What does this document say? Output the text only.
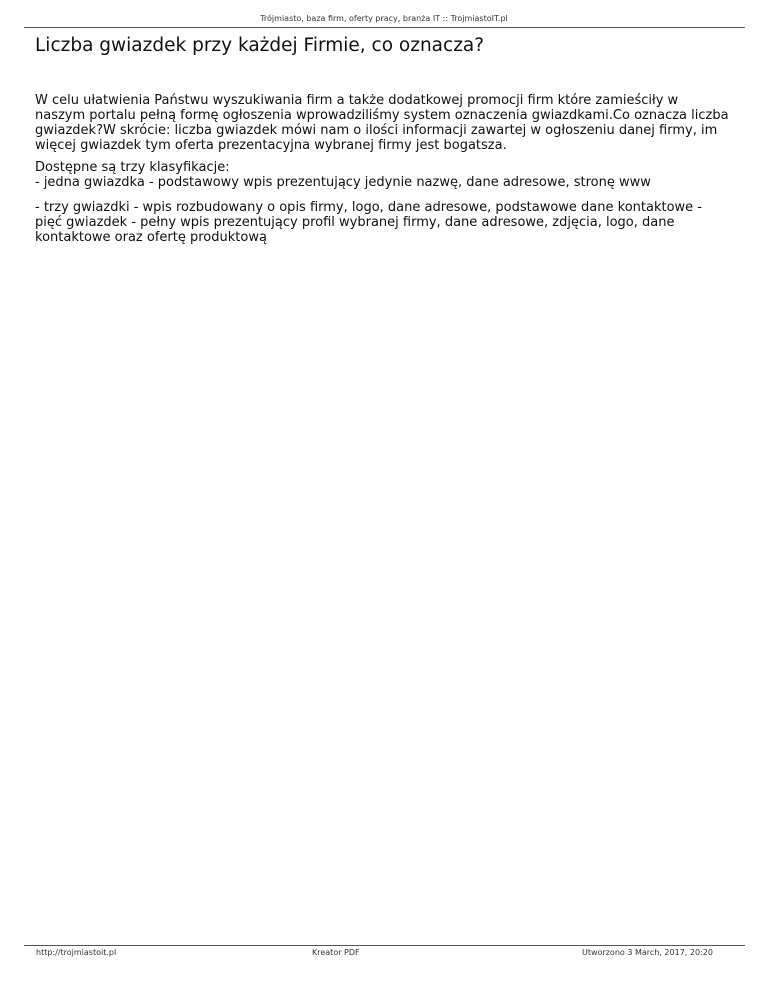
Trójmiasto, baza firm, oferty pracy, branża IT :: TrojmiastoIT.pl
Liczba gwiazdek przy każdej Firmie, co oznacza?
W celu ułatwienia Państwu wyszukiwania firm a także dodatkowej promocji firm które zamieściły w
naszym portalu pełną formę ogłoszenia wprowadziliśmy system oznaczenia gwiazdkami.Co oznacza liczba
gwiazdek?W skrócie: liczba gwiazdek mówi nam o ilości informacji zawartej w ogłoszeniu danej firmy, im
więcej gwiazdek tym oferta prezentacyjna wybranej firmy jest bogatsza.
Dostępne są trzy klasyfikacje:
- jedna gwiazdka - podstawowy wpis prezentujący jedynie nazwę, dane adresowe, stronę www
- trzy gwiazdki - wpis rozbudowany o opis firmy, logo, dane adresowe, podstawowe dane kontaktowe -
pięć gwiazdek - pełny wpis prezentujący profil wybranej firmy, dane adresowe, zdjęcia, logo, dane
kontaktowe oraz ofertę produktową
http://trojmiastoit.pl	Kreator PDF	Utworzono 3 March, 2017, 20:20
